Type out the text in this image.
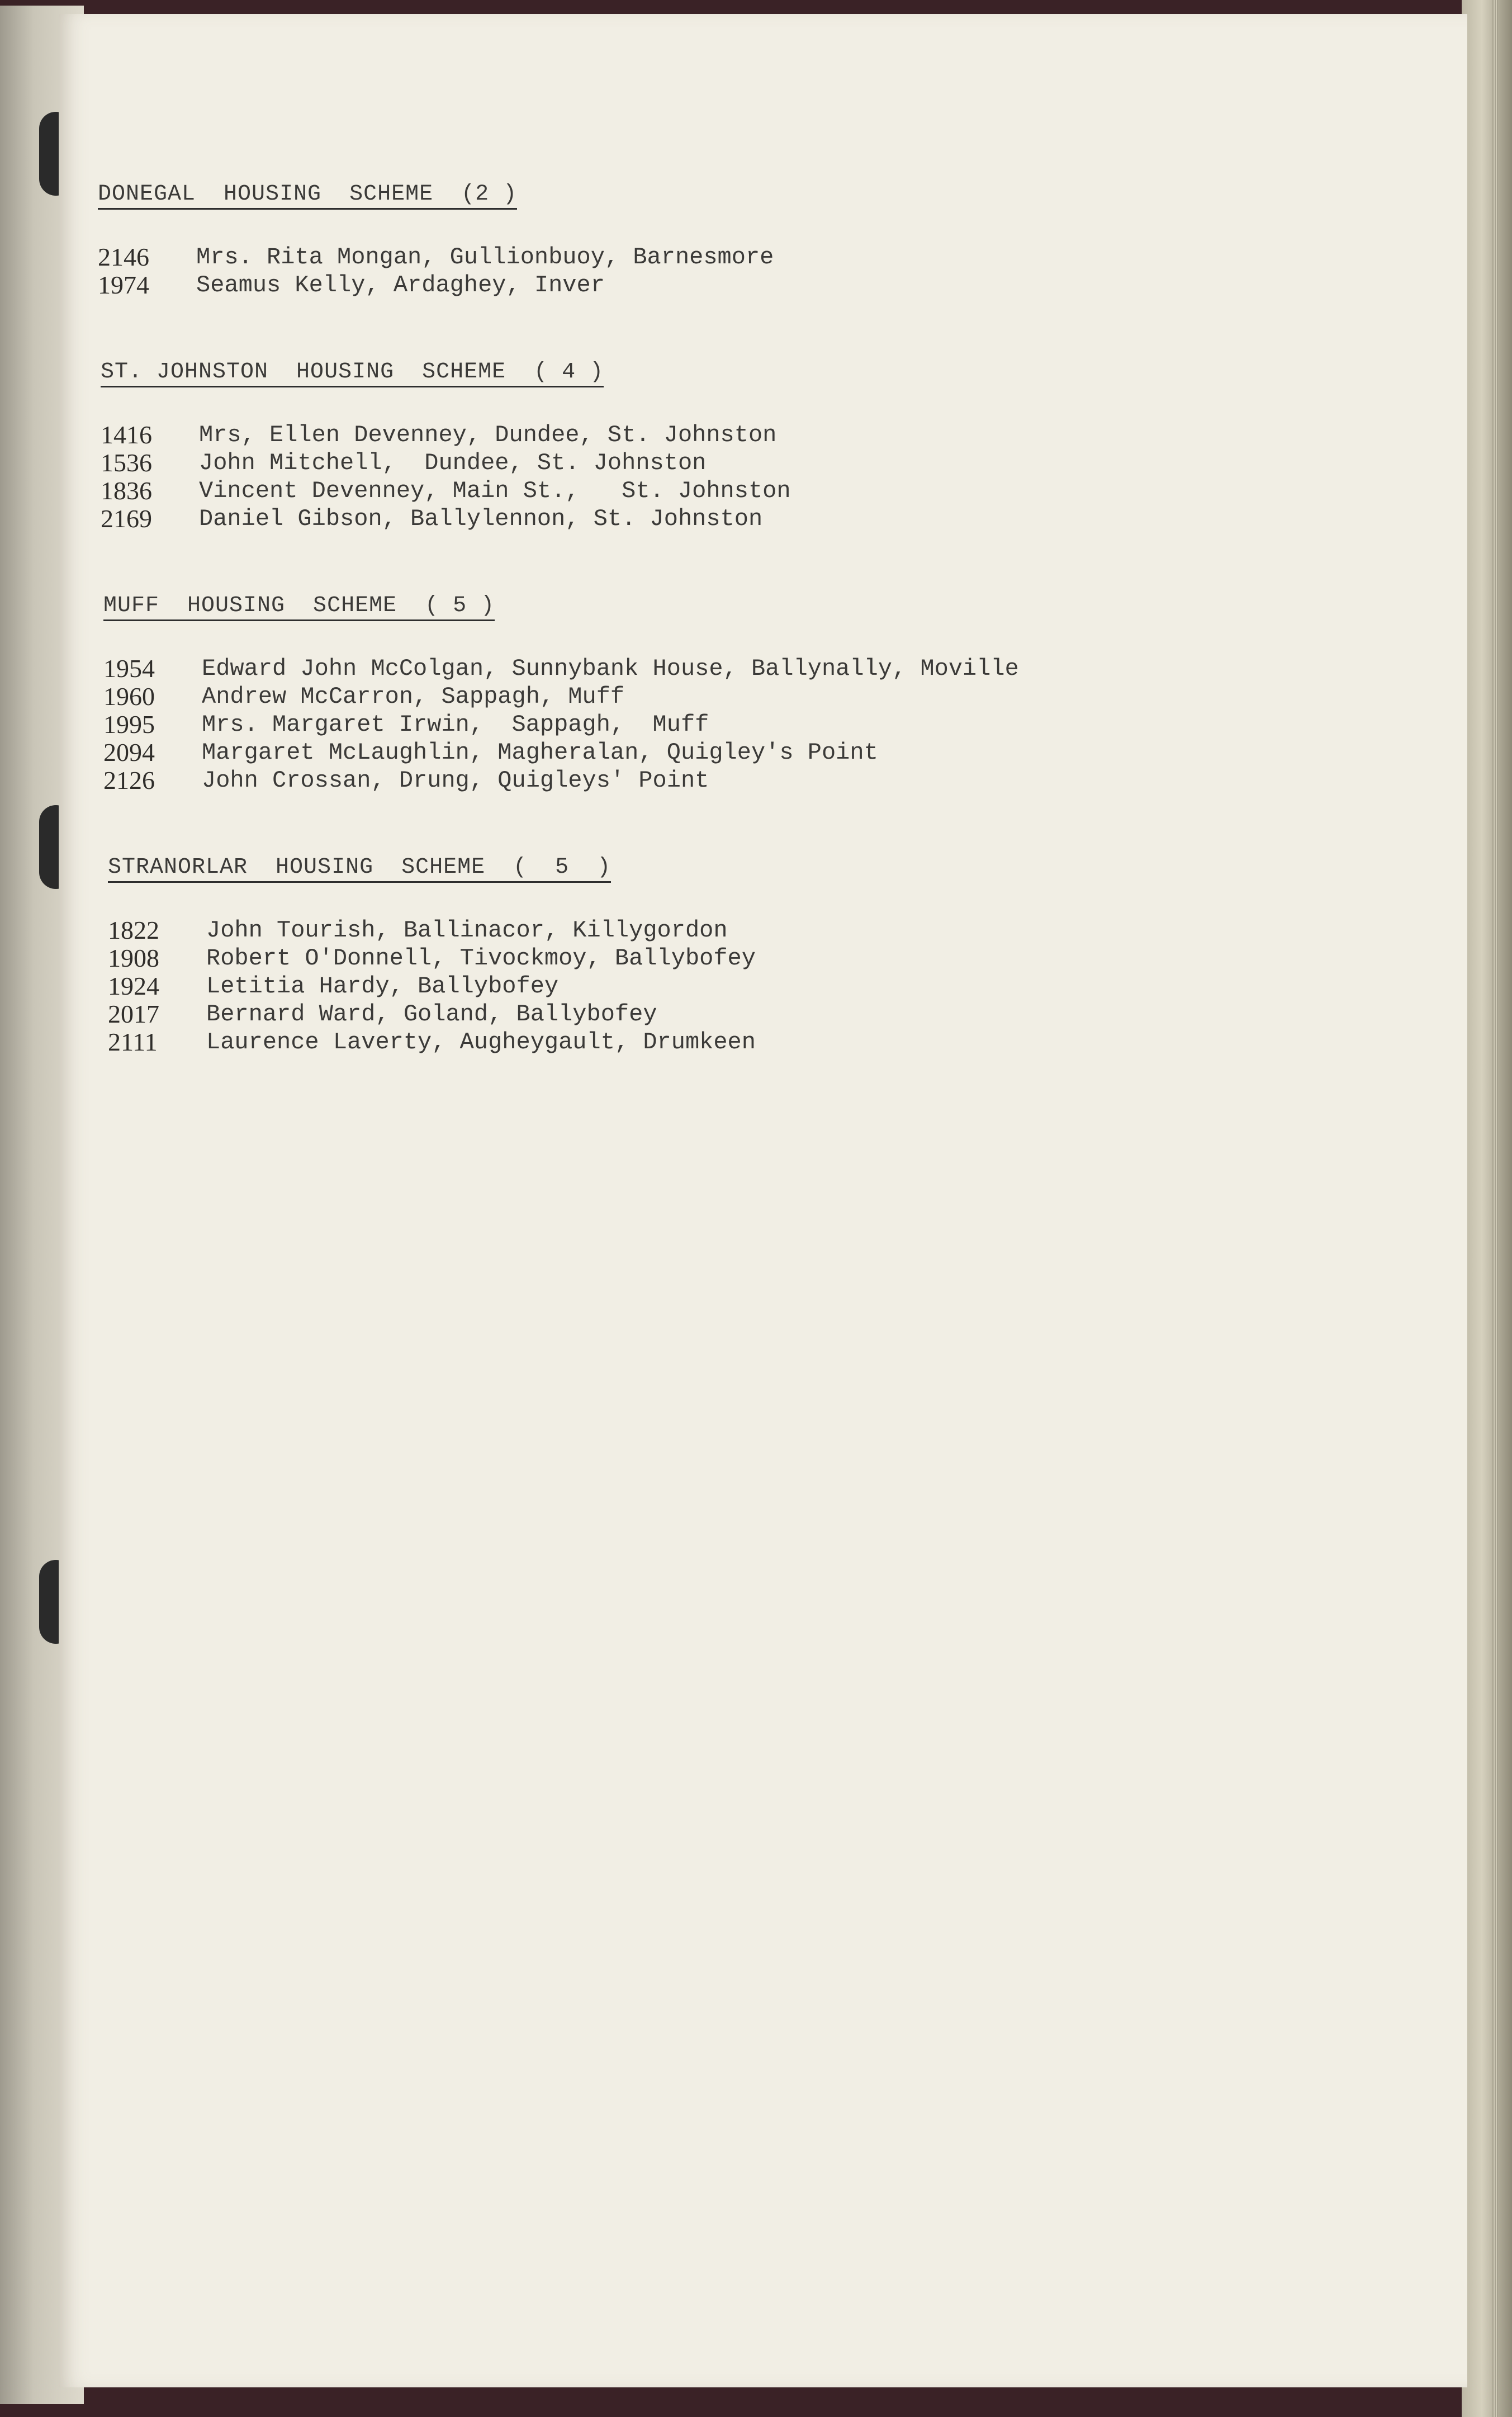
DONEGAL  HOUSING  SCHEME  (2 )
2146	Mrs. Rita Mongan, Gullionbuoy, Barnesmore
1974	Seamus Kelly, Ardaghey, Inver
ST. JOHNSTON  HOUSING  SCHEME  ( 4 )
1416	Mrs, Ellen Devenney, Dundee, St. Johnston
1536	John Mitchell,  Dundee, St. Johnston
1836	Vincent Devenney, Main St.,   St. Johnston
2169	Daniel Gibson, Ballylennon, St. Johnston
MUFF  HOUSING  SCHEME  ( 5 )
1954	Edward John McColgan, Sunnybank House, Ballynally, Moville
1960	Andrew McCarron, Sappagh, Muff
1995	Mrs. Margaret Irwin,  Sappagh,  Muff
2094	Margaret McLaughlin, Magheralan, Quigley's Point
2126	John Crossan, Drung, Quigleys' Point
STRANORLAR  HOUSING  SCHEME  (  5  )
1822	John Tourish, Ballinacor, Killygordon
1908	Robert O'Donnell, Tivockmoy, Ballybofey
1924	Letitia Hardy, Ballybofey
2017	Bernard Ward, Goland, Ballybofey
2111	Laurence Laverty, Augheygault, Drumkeen
